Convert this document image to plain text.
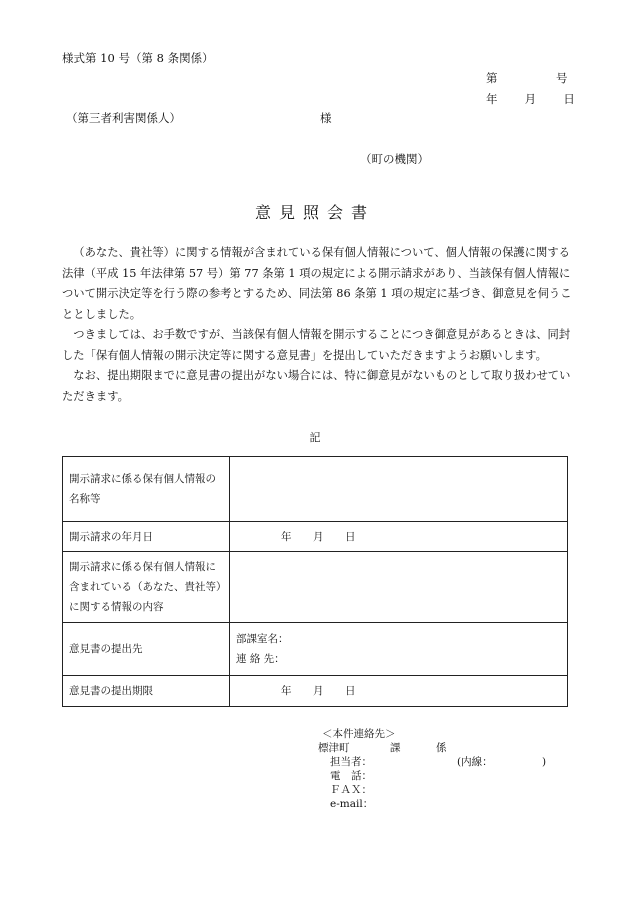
様式第 10 号（第 8 条関係）
第	号
年 月 日
（第三者利害関係人）	様
（町の機関）
意見照会書

（あなた、貴社等）に関する情報が含まれている保有個人情報について、個人情報の保護に関する法律（平成 15 年法律第 57 号）第 77 条第 1 項の規定による開示請求があり、当該保有個人情報について開示決定等を行う際の参考とするため、同法第 86 条第 1 項の規定に基づき、御意見を伺うこととしました。

つきましては、お手数ですが、当該保有個人情報を開示することにつき御意見があるときは、同封した「保有個人情報の開示決定等に関する意見書」を提出していただきますようお願いします。

なお、提出期限までに意見書の提出がない場合には、特に御意見がないものとして取り扱わせていただきます。

記
開示請求に係る保有個人情報の名称等	
開示請求の年月日	年 月 日
開示請求に係る保有個人情報に含まれている（あなた、貴社等）に関する情報の内容	
意見書の提出先	部課室名：
連 絡 先：

意見書の提出期限	年 月 日
＜本件連絡先＞
標津町	課	係
担当者：	(内線：	)
電　話：
ＦＡＸ：
e-mail：
